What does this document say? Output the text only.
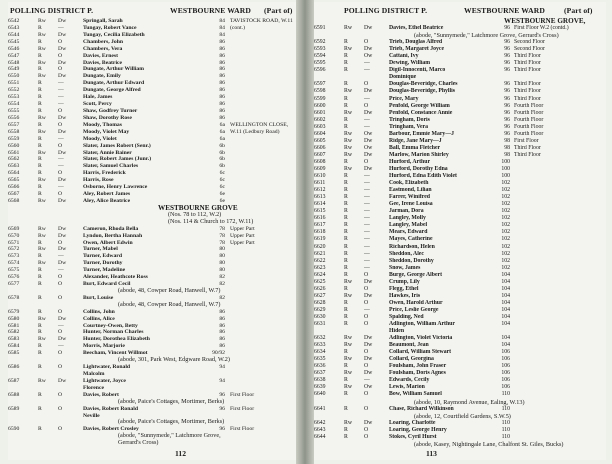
POLLING DISTRICT P.	WESTBOURNE WARD (Part of)
6542	Rw	Dw	Springall, Sarah	84 TAVISTOCK ROAD, W.11
6543	R	—	Tungay, Robert Vance	84 (cont.)
6544	Rw	Dw	Tungay, Cecilia Elizabeth	84
6545	R	O	Chambers, John	86
6546	Rw	Dw	Chambers, Vera	86
6547	R	O	Davies, Ernest	86
6548	Rw	Dw	Davies, Beatrice	86
6549	R	O	Dungate, Arthur William	86
6550	Rw	Dw	Dungate, Emily	86
6551	R	—	Dungate, Arthur Edward	86
6552	R	—	Dungate, George Alfred	86
6553	R	—	Hale, James	86
6554	R	—	Scott, Percy	86
6555	R	O	Shaw, Godfrey Turner	86
6556	Rw	Dw	Shaw, Dorothy Rose	86
6557	R	O	Moody, Thomas	6a WELLINGTON CLOSE,
6558	Rw	Dw	Moody, Violet May	6a W.11 (Ledbury Road)
6559	R	—	Moody, Violet	6a
6560	R	O	Slater, James Robert (Senr.)	6b
6561	Rw	Dw	Slater, Annie Bainer	6b
6562	R	—	Slater, Robert James (Junr.)	6b
6563	R	—	Slater, Samuel Charles	6b
6564	R	O	Harris, Frederick	6c
6565	Rw	Dw	Harris, Rose	6c
6566	R	—	Osborne, Henry Lawrence	6c
6567	R	O	Aley, Robert James	6e
6568	Rw	Dw	Aley, Alice Beatrice	6e
WESTBOURNE GROVE
(Nos. 78 to 112, W.2)
(Nos. 114 & Church to 172, W.11)
6569	Rw	Dw	Cameron, Rhoda Bella	78 Upper Part
6570	Rw	Dw	Lyndon, Bertha Hannah	78 Upper Part
6571	R	O	Owen, Albert Edwin	78 Upper Part
6572	Rw	Dw	Turner, Mabel	80
6573	R	—	Turner, Edward	80
6574	Rw	Dw	Turner, Dorothy	80
6575	R	—	Turner, Madeline	80
6576	R	O	Alexander, Heathcote Ross	82
6577	R	O	Burt, Edward Cecil	82
(abode, 48, Cowper Road, Hanwell, W.7)
6578	R	O	Burt, Louise	82
(abode, 48, Cowper Road, Hanwell, W.7)
6579	R	O	Collins, John	86
6580	Rw	Dw	Collins, Alice	86
6581	R	—	Courtney-Owen, Betty	86
6582	R	O	Hunter, Norman Charles	86
6583	Rw	Dw	Hunter, Dorothea Elizabeth	86
6584	R	—	Morris, Marjorie	86
6585	R	O	Beecham, Vincent Willmot	90/92
(abode, 301, Park West, Edgware Road, W.2)
6586	R	O	Lightwater, Ronald	94
Malcolm
6587	Rw	Dw	Lightwater, Joyce	94
Florence
6588	R	O	Davies, Robert	96 First Floor
(abode, Paice's Cottages, Mortimer, Berks)
6589	R	O	Davies, Robert Ronald	96 First Floor
Neville
(abode, Paice's Cottages, Mortimer, Berks)
6590	R	O	Davies, Robert Crosley	96 First Floor
(abode, "Sunnymede," Latchmore Grove,
Gerrard's Cross)
112
POLLING DISTRICT P.	WESTBOURNE WARD	(Part of)
WESTBOURNE GROVE,
6591	Rw	Dw	Davies, Ethel Beatrice	96 First Floor W.2 (contd.)
(abode, "Sunnymede," Latchmore Grove, Gerrard's Cross)
6592	R	O	Trieb, Douglas Alfred	96 Second Floor
6593	Rw	Dw	Trieb, Margaret Joyce	96 Second Floor
6594	R	Ow	Cattani, Ivy	96 Third Floor
6595	R	—	Dewing, William	96 Third Floor
6596	R	—	Digil-Innocenti, Marco	96 Third Floor
Dominique
6597	R	O	Douglas-Beveridge, Charles	96 Third Floor
6598	Rw	Dw	Douglas-Beveridge, Phyllis	96 Third Floor
6599	R	—	Price, Mary	96 Third Floor
6600	R	O	Penfold, George William	96 Fourth Floor
6601	Rw	Dw	Penfold, Constance Annie	96 Fourth Floor
6602	R	—	Tringham, Doris	96 Fourth Floor
6603	R	—	Tringham, Vera	96 Fourth Floor
6604	Rw	Ow	Barbour, Emmie Mary—J	96 Fourth Floor
6605	Rw	Dw	Ridge, Jane Mary—J	98 First Floor
6606	Rw	Ow	Ball, Emma Fletcher	98 Third Floor
6607	Rw	Dw	Marlow, Marion Shirley	98 Third Floor
6608	R	O	Hurford, Arthur	100
6609	Rw	Dw	Hurford, Dorothy Edna	100
6610	R	—	Hurford, Edna Edith Violet	100
6611	R	—	Cook, Elizabeth	102
6612	R	—	Eastmond, Lilian	102
6613	R	—	Farrer, Winifred	102
6614	R	—	Gee, Irene Louisa	102
6615	R	—	Jarman, Dora	102
6616	R	—	Langley, Molly	102
6617	R	—	Langley, Mabel	102
6618	R	—	Mears, Edward	102
6619	R	—	Mayes, Catherine	102
6620	R	—	Richardson, Helen	102
6621	R	—	Sheddon, Alec	102
6622	R	—	Sheddon, Dorothy	102
6623	R	—	Snow, James	102
6624	R	O	Burge, George Albert	104
6625	Rw	Dw	Crump, Lily	104
6626	R	O	Flegg, Ethel	104
6627	Rw	Dw	Hawkes, Iris	104
6628	R	O	Owen, Harold Arthur	104
6629	R	—	Price, Leslie George	104
6630	R	O	Spalding, Ned	104
6631	R	O	Adlington, William Arthur	104
Hiden
6632	Rw	Dw	Adlington, Violet Victoria	104
6633	Rw	Dw	Beaumont, Jean	104
6634	R	O	Collard, William Stewart	106
6635	Rw	Dw	Collard, Georgina	106
6636	R	O	Foulsham, John Fraser	106
6637	Rw	Dw	Foulsham, Doris Agnes	106
6638	R	—	Edwards, Cecily	106
6639	Rw	Ow	Lewis, Marion	106
6640	R	O	Bow, William Samuel	110
(abode, 10, Raymond Avenue, Ealing, W.13)
6641	R	O	Chase, Richard Wilkinson	110
(abode, 12, Courtfield Gardens, S.W.5)
6642	Rw	Dw	Loaring, Charlotte	110
6643	R	O	Loaring, George Henry	110
6644	R	O	Stokes, Cyril Hurst	110
(abode, Kasey, Nightingale Lane, Chalfont St. Giles, Bucks)
113
